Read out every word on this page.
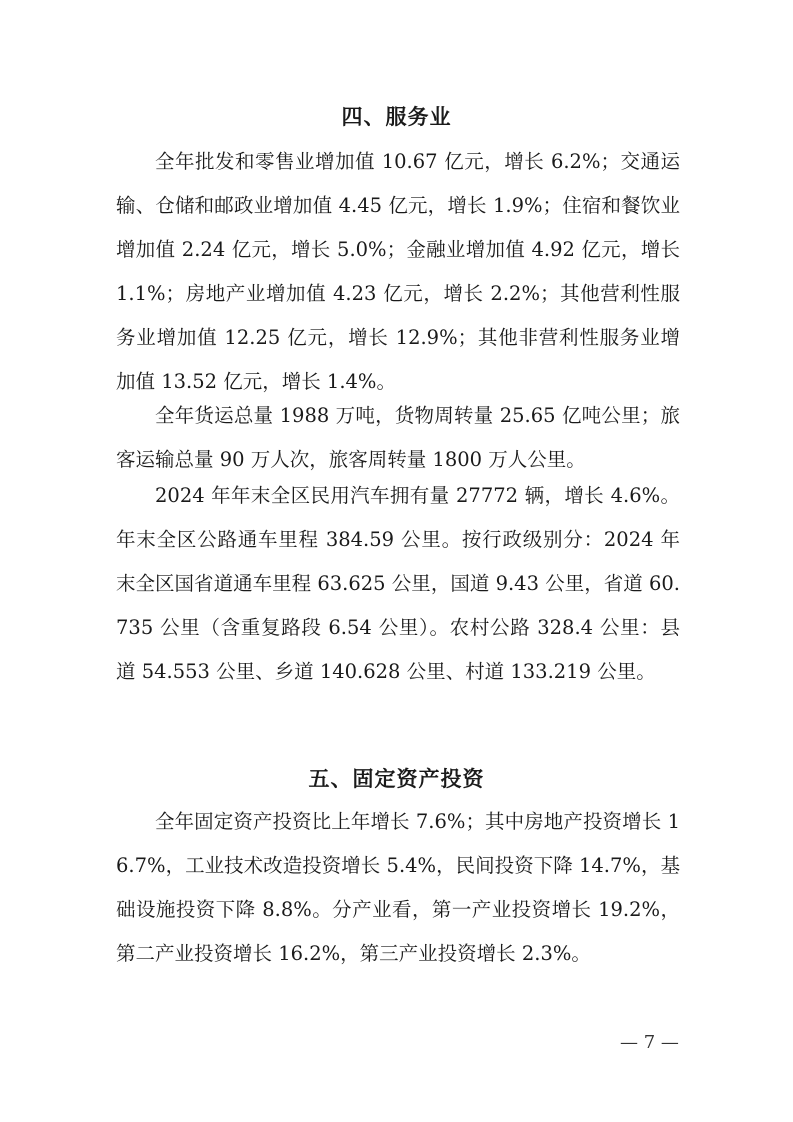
四、服务业

全年批发和零售业增加值 10.67 亿元，增长 6.2%；交通运输、仓储和邮政业增加值 4.45 亿元，增长 1.9%；住宿和餐饮业增加值 2.24 亿元，增长 5.0%；金融业增加值 4.92 亿元，增长 1.1%；房地产业增加值 4.23 亿元，增长 2.2%；其他营利性服务业增加值 12.25 亿元，增长 12.9%；其他非营利性服务业增加值 13.52 亿元，增长 1.4%。

全年货运总量 1988 万吨，货物周转量 25.65 亿吨公里；旅客运输总量 90 万人次，旅客周转量 1800 万人公里。

2024 年年末全区民用汽车拥有量 27772 辆，增长 4.6%。年末全区公路通车里程 384.59 公里。按行政级别分：2024 年末全区国省道通车里程 63.625 公里，国道 9.43 公里，省道 60.735 公里（含重复路段 6.54 公里）。农村公路 328.4 公里：县道 54.553 公里、乡道 140.628 公里、村道 133.219 公里。

五、固定资产投资

全年固定资产投资比上年增长 7.6%；其中房地产投资增长 16.7%，工业技术改造投资增长 5.4%，民间投资下降 14.7%，基础设施投资下降 8.8%。分产业看，第一产业投资增长 19.2%，第二产业投资增长 16.2%，第三产业投资增长 2.3%。

— 7 —
